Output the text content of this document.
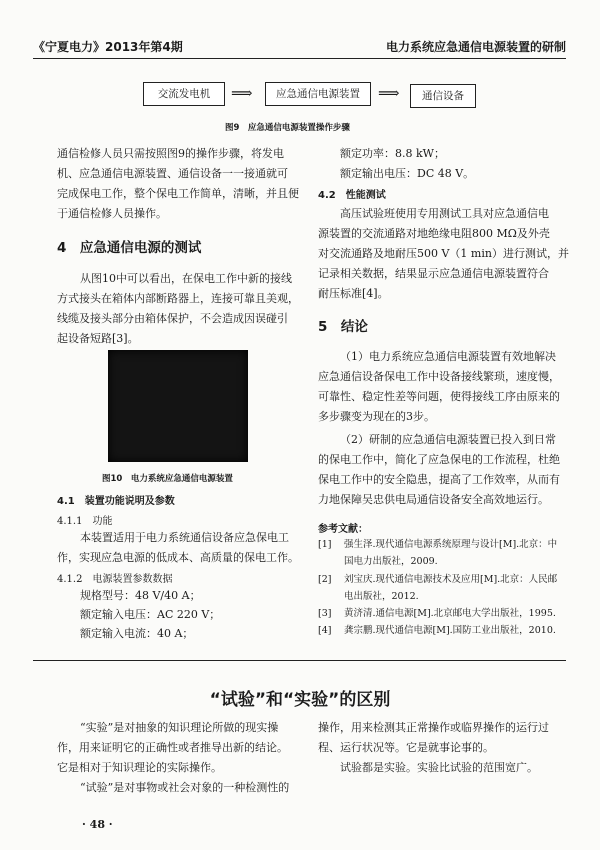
《宁夏电力》2013年第4期	电力系统应急通信电源装置的研制
交流发电机	⟹	应急通信电源装置	⟹	通信设备
图9　应急通信电源装置操作步骤
通信检修人员只需按照图9的操作步骤，将发电
机、应急通信电源装置、通信设备一一接通就可
完成保电工作，整个保电工作简单，清晰，并且便
于通信检修人员操作。
4　应急通信电源的测试
从图10中可以看出，在保电工作中新的接线
方式接头在箱体内部断路器上，连接可靠且美观，
线缆及接头部分由箱体保护，不会造成因误碰引
起设备短路[3]。
图10　电力系统应急通信电源装置
4.1　装置功能说明及参数
4.1.1　功能
本装置适用于电力系统通信设备应急保电工
作，实现应急电源的低成本、高质量的保电工作。
4.1.2　电源装置参数数据
规格型号：48 V/40 A；
额定输入电压：AC 220 V；
额定输入电流：40 A；
额定功率：8.8 kW；
额定输出电压：DC 48 V。
4.2　性能测试
高压试验班使用专用测试工具对应急通信电
源装置的交流通路对地绝缘电阻800 MΩ及外壳
对交流通路及地耐压500 V（1 min）进行测试，并
记录相关数据，结果显示应急通信电源装置符合
耐压标准[4]。
5　结论
（1）电力系统应急通信电源装置有效地解决
应急通信设备保电工作中设备接线繁琐，速度慢，
可靠性、稳定性差等问题，使得接线工序由原来的
多步骤变为现在的3步。
（2）研制的应急通信电源装置已投入到日常
的保电工作中，简化了应急保电的工作流程，杜绝
保电工作中的安全隐患，提高了工作效率，从而有
力地保障吴忠供电局通信设备安全高效地运行。
参考文献：
[1] 强生泽.现代通信电源系统原理与设计[M].北京：中
国电力出版社，2009.
[2] 刘宝庆.现代通信电源技术及应用[M].北京：人民邮
电出版社，2012.
[3] 黄济清.通信电源[M].北京邮电大学出版社，1995.
[4] 龚宗鹏.现代通信电源[M].国防工业出版社，2010.
“试验”和“实验”的区别
“实验”是对抽象的知识理论所做的现实操
作，用来证明它的正确性或者推导出新的结论。
它是相对于知识理论的实际操作。
“试验”是对事物或社会对象的一种检测性的
操作，用来检测其正常操作或临界操作的运行过
程、运行状况等。它是就事论事的。
试验都是实验。实验比试验的范围宽广。
· 48 ·
